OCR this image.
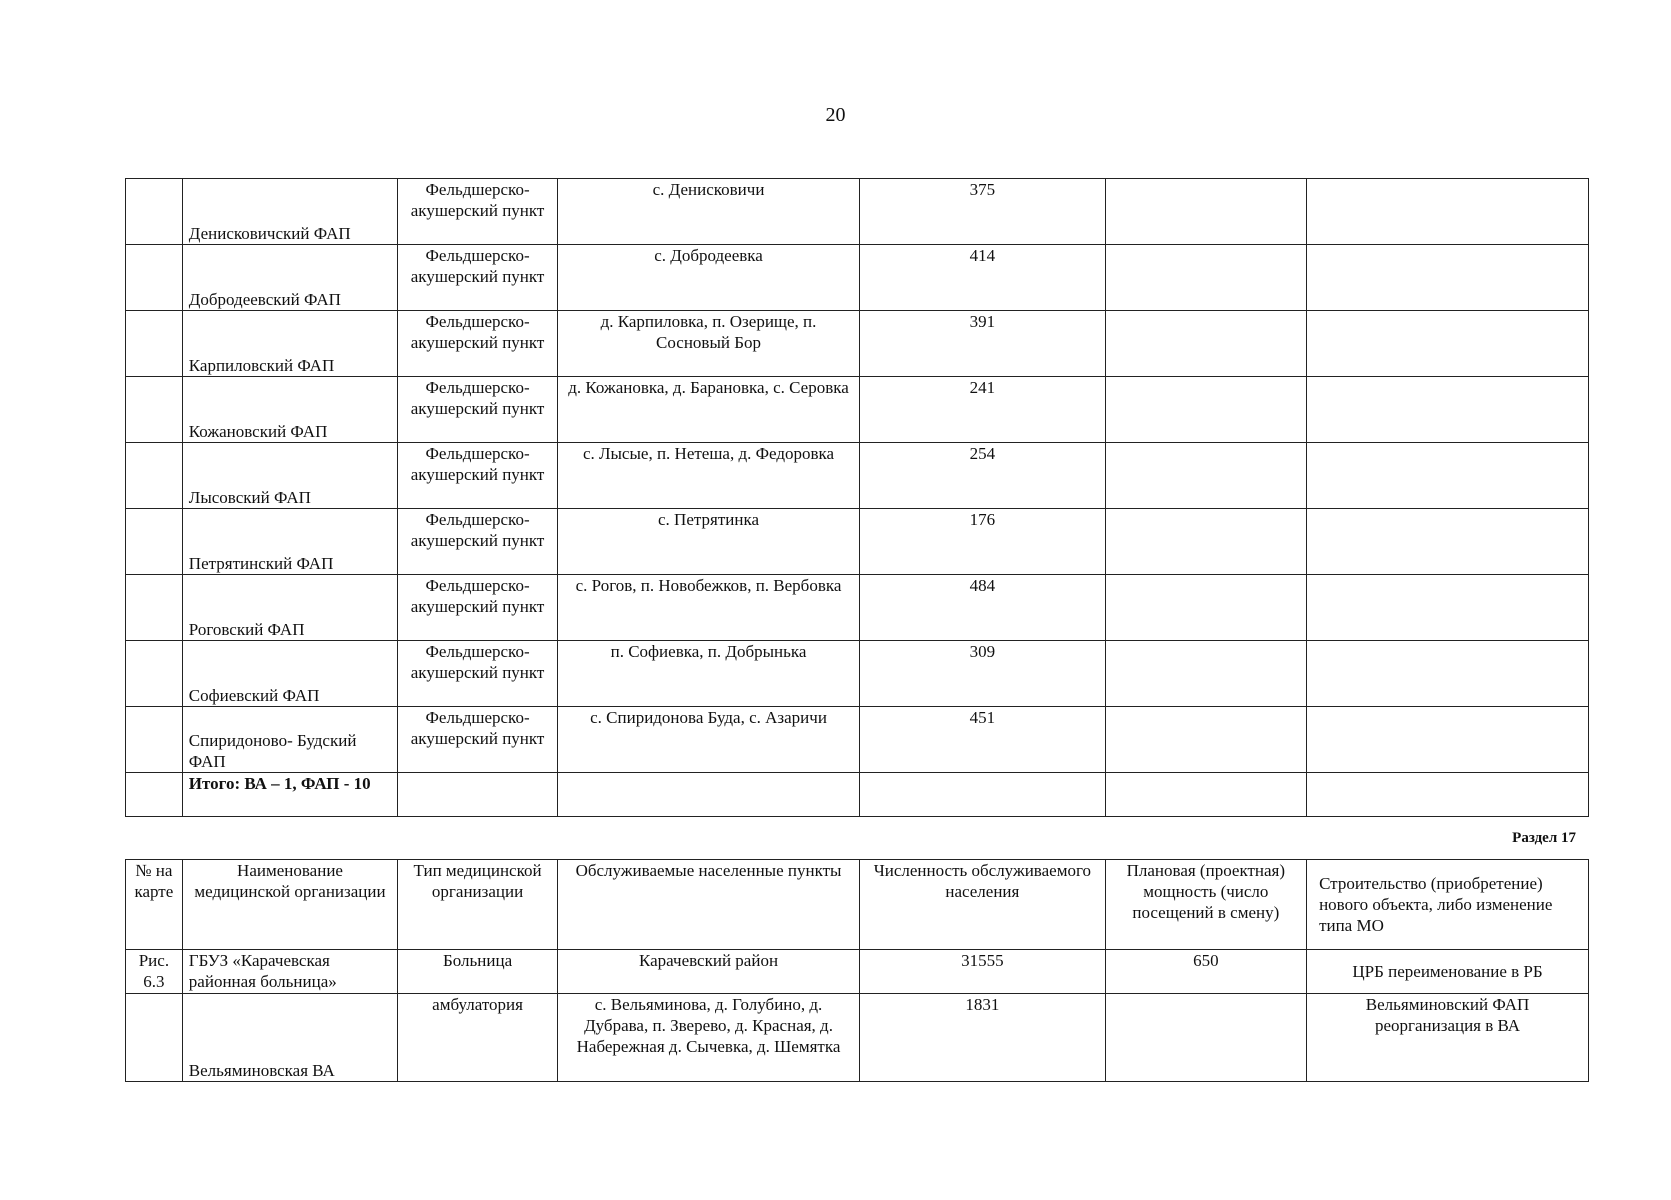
20
	Денисковичский ФАП	Фельдшерско-акушерский пункт	с. Денисковичи	375		
	Добродеевский ФАП	Фельдшерско-акушерский пункт	с. Добродеевка	414		
	Карпиловский ФАП	Фельдшерско-акушерский пункт	д. Карпиловка, п. Озерище, п. Сосновый Бор	391		
	Кожановский ФАП	Фельдшерско-акушерский пункт	д. Кожановка, д. Барановка, с. Серовка	241		
	Лысовский ФАП	Фельдшерско-акушерский пункт	с. Лысые, п. Нетеша, д. Федоровка	254		
	Петрятинский ФАП	Фельдшерско-акушерский пункт	с. Петрятинка	176		
	Роговский ФАП	Фельдшерско-акушерский пункт	с. Рогов, п. Новобежков, п. Вербовка	484		
	Софиевский ФАП	Фельдшерско-акушерский пункт	п. Софиевка, п. Добрынька	309		
	Спиридоново- Будский ФАП	Фельдшерско-акушерский пункт	с. Спиридонова Буда, с. Азаричи	451		
	Итого: ВА – 1, ФАП - 10					
Раздел 17
№ на карте	Наименование медицинской организации	Тип медицинской организации	Обслуживаемые населенные пункты	Численность обслуживаемого населения	Плановая (проектная) мощность (число посещений в смену)	Строительство (приобретение) нового объекта, либо изменение типа МО
Рис. 6.3	ГБУЗ «Карачевская районная больница»	Больница	Карачевский район	31555	650	ЦРБ переименование в РБ
	Вельяминовская ВА	амбулатория	с. Вельяминова, д. Голубино, д. Дубрава, п. Зверево, д. Красная, д. Набережная д. Сычевка, д. Шемятка	1831		Вельяминовский ФАП реорганизация в ВА
